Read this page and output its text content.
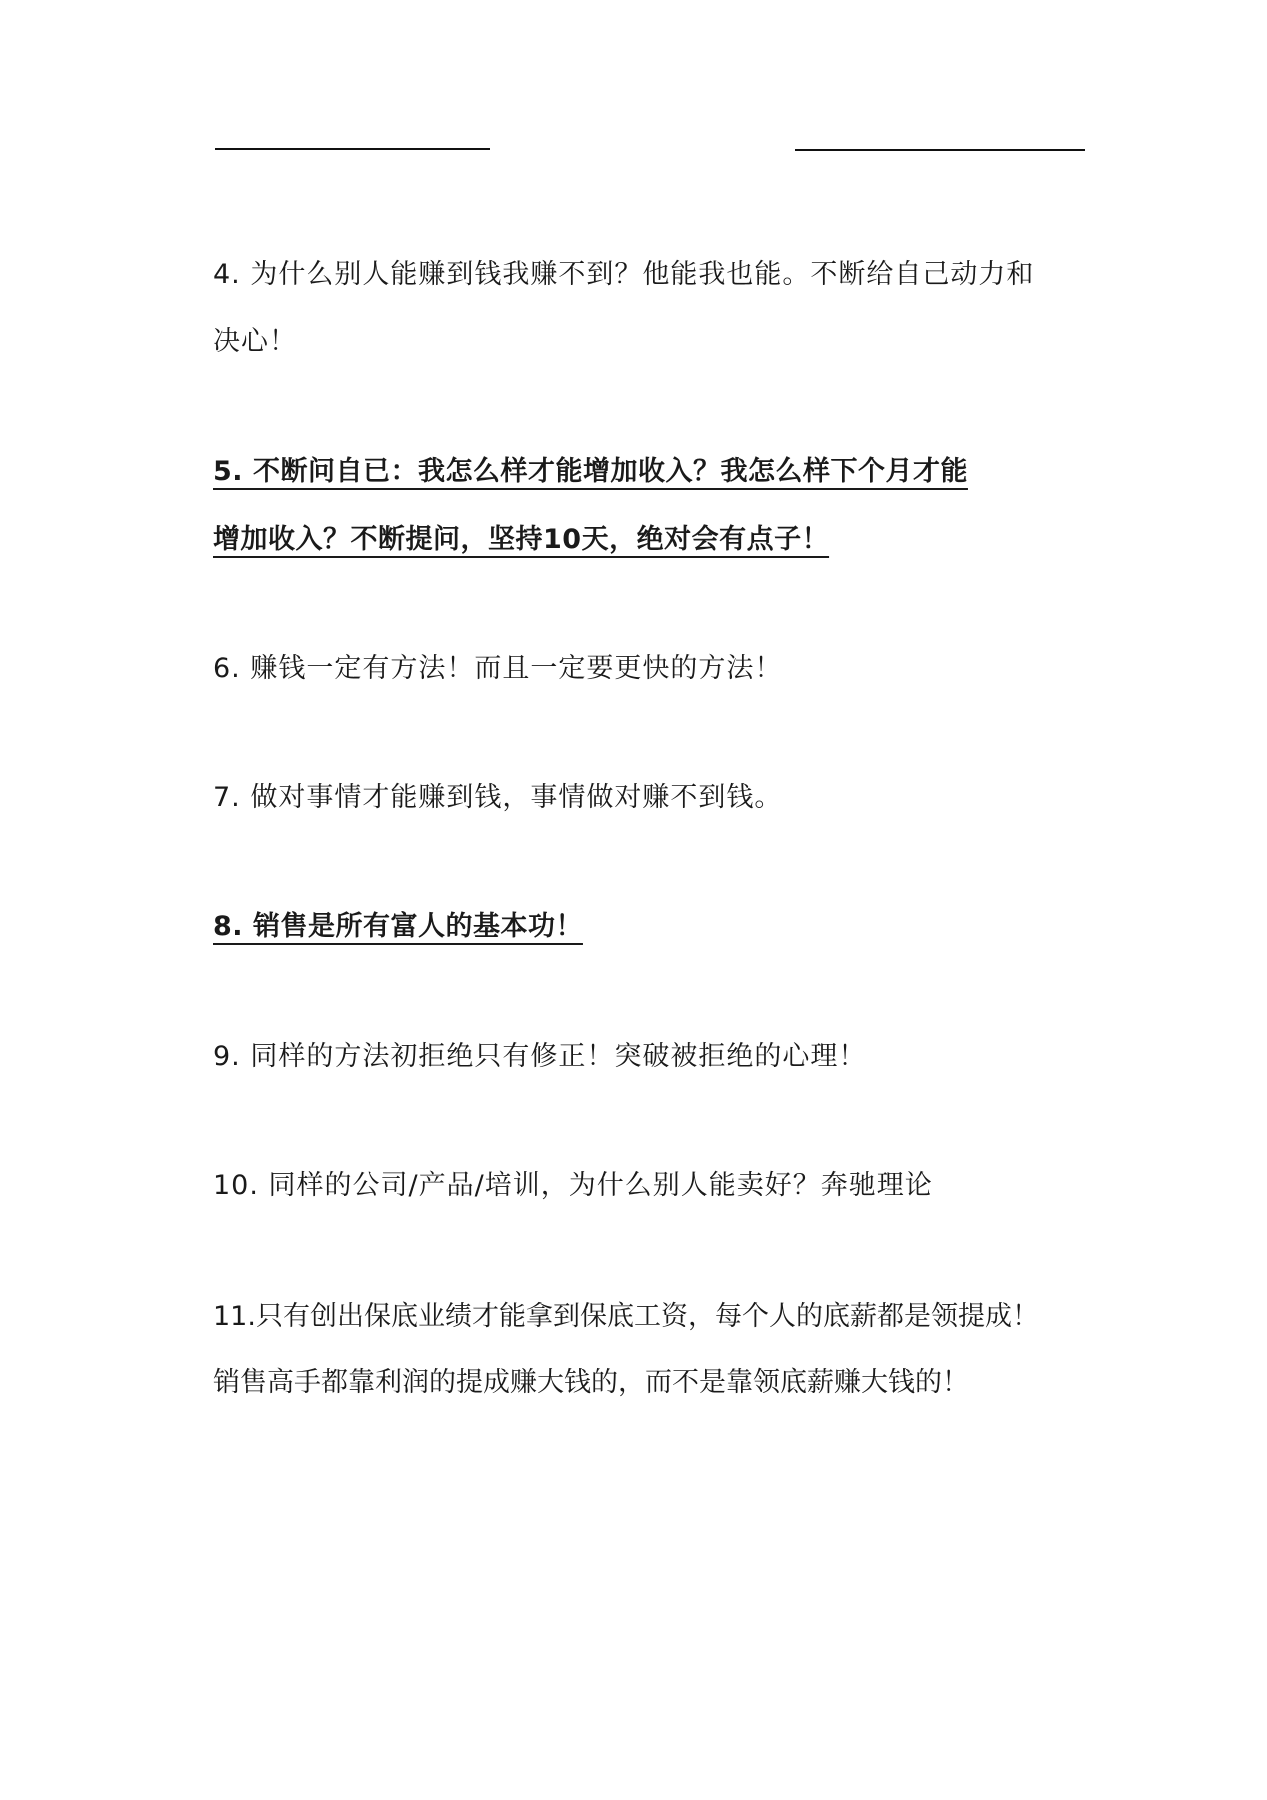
4. 为什么别人能赚到钱我赚不到？他能我也能。不断给自己动力和
决心！
5. 不断问自已：我怎么样才能增加收入？我怎么样下个月才能
增加收入？不断提问，坚持10天，绝对会有点子！
6. 赚钱一定有方法！而且一定要更快的方法！
7. 做对事情才能赚到钱，事情做对赚不到钱。
8. 销售是所有富人的基本功！
9. 同样的方法初拒绝只有修正！突破被拒绝的心理！
10. 同样的公司/产品/培训，为什么别人能卖好？奔驰理论
11.只有创出保底业绩才能拿到保底工资，每个人的底薪都是领提成！
销售高手都靠利润的提成赚大钱的，而不是靠领底薪赚大钱的！
